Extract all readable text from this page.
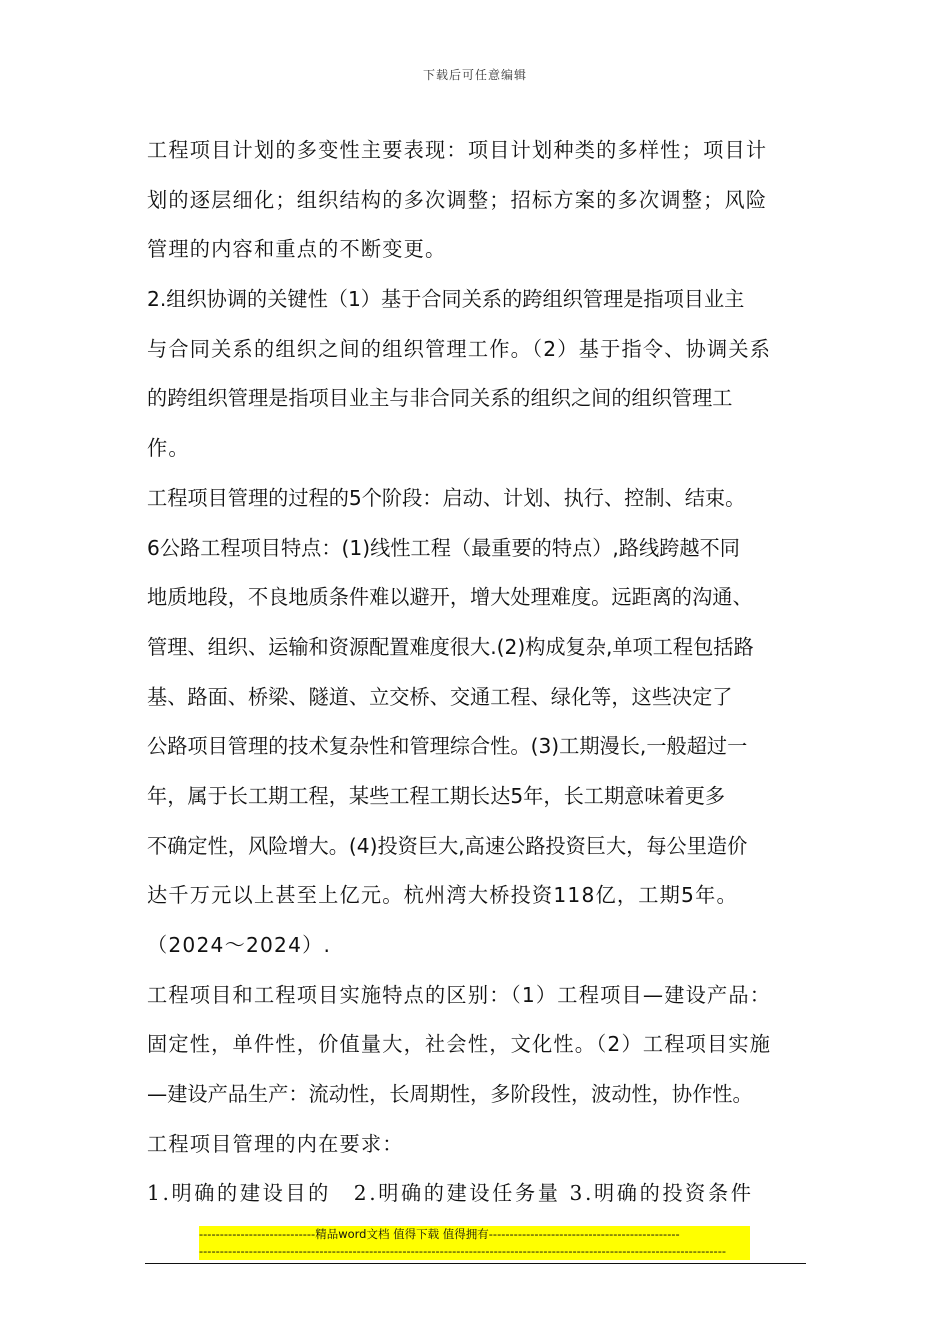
下载后可任意编辑
工程项目计划的多变性主要表现：项目计划种类的多样性；项目计
划的逐层细化；组织结构的多次调整；招标方案的多次调整；风险
管理的内容和重点的不断变更。
2.组织协调的关键性（1）基于合同关系的跨组织管理是指项目业主
与合同关系的组织之间的组织管理工作。（2）基于指令、协调关系
的跨组织管理是指项目业主与非合同关系的组织之间的组织管理工
作。
工程项目管理的过程的5个阶段：启动、计划、执行、控制、结束。
6公路工程项目特点：(1)线性工程（最重要的特点）,路线跨越不同
地质地段，不良地质条件难以避开，增大处理难度。远距离的沟通、
管理、组织、运输和资源配置难度很大.(2)构成复杂,单项工程包括路
基、路面、桥梁、隧道、立交桥、交通工程、绿化等，这些决定了
公路项目管理的技术复杂性和管理综合性。(3)工期漫长,一般超过一
年，属于长工期工程，某些工程工期长达5年，长工期意味着更多
不确定性，风险增大。(4)投资巨大,高速公路投资巨大，每公里造价
达千万元以上甚至上亿元。杭州湾大桥投资118亿，工期5年。
（2024～2024）.
工程项目和工程项目实施特点的区别：（1）工程项目—建设产品：
固定性，单件性，价值量大，社会性，文化性。（2）工程项目实施
—建设产品生产：流动性，长周期性，多阶段性，波动性，协作性。
工程项目管理的内在要求：
1.明确的建设目的　2.明确的建设任务量 3.明确的投资条件
----------------------------精品word文档 值得下载 值得拥有----------------------------------------------
-------------------------------------------------------------------------------------------------------------------------------
